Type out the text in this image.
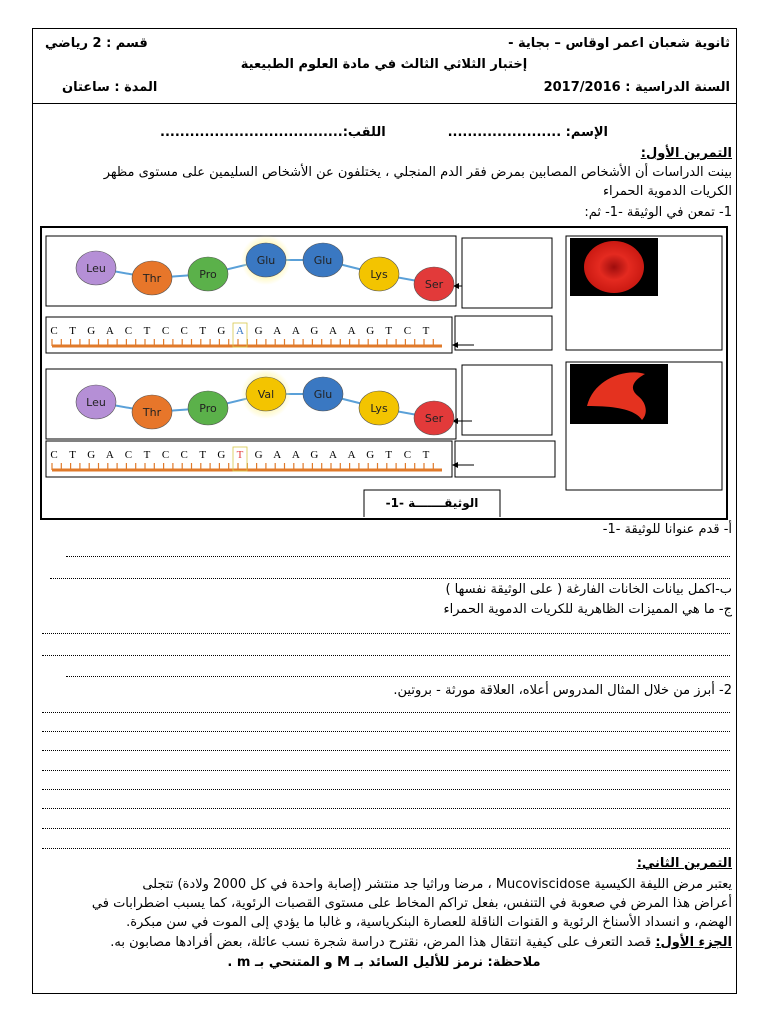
ثانوية شعبان اعمر اوقاس – بجاية -
قسم : 2 رياضي
إختبار الثلاثي الثالث في مادة العلوم الطبيعية
السنة الدراسية : 2017/2016
المدة : ساعتان
الإسم: .......................
اللقب:.....................................
التمرين الأول:
بينت الدراسات أن الأشخاص المصابين بمرض فقر الدم المنجلي ، يختلفون عن الأشخاص السليمين على مستوى مظهر
الكريات الدموية الحمراء
1- تمعن في الوثيقة -1- ثم:
Leu
Thr	Pro
Glu	Glu
Lys
Ser
C T G A C T C C T G A G A A G A A G T C T
Leu
Thr	Pro
Val	Glu
Lys
Ser
C T G A C T C C T G T G A A G A A G T C T
الوثيقـــــــة -1-
أ- قدم عنوانا للوثيقة -1-
ب-اكمل بيانات الخانات الفارغة ( على الوثيقة نفسها )
ج- ما هي المميزات الظاهرية للكريات الدموية الحمراء
2- أبرز من خلال المثال المدروس أعلاه، العلاقة مورثة - بروتين.
التمرين الثاني:
يعتبر مرض الليفة الكيسية Mucoviscidose ، مرضا وراثيا جد منتشر (إصابة واحدة في كل 2000 ولادة) تتجلى
أعراض هذا المرض في صعوبة في التنفس، بفعل تراكم المخاط على مستوى القصبات الرئوية، كما يسبب اضطرابات في
الهضم، و انسداد الأسناخ الرئوية و القنوات الناقلة للعصارة البنكرياسية، و غالبا ما يؤدي إلى الموت في سن مبكرة.
الجزء الأول: قصد التعرف على كيفية انتقال هذا المرض، نقترح دراسة شجرة نسب عائلة، بعض أفرادها مصابون به.
ملاحظة: نرمز للأليل السائد بـ M و المتنحي بـ m .
